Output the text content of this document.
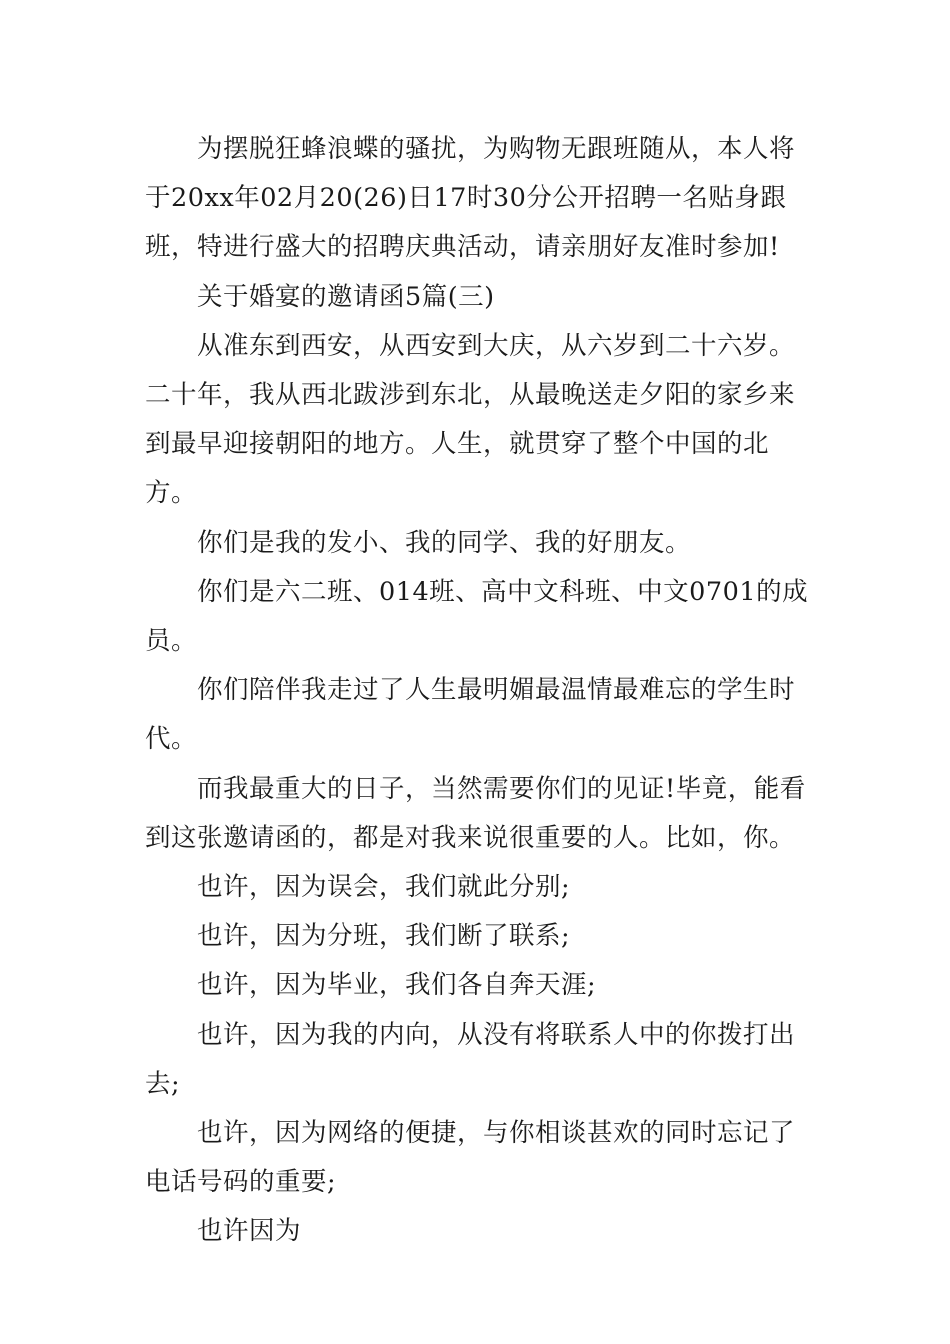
为摆脱狂蜂浪蝶的骚扰，为购物无跟班随从，本人将于20xx年02月20(26)日17时30分公开招聘一名贴身跟班，特进行盛大的招聘庆典活动，请亲朋好友准时参加!

关于婚宴的邀请函5篇(三)

从准东到西安，从西安到大庆，从六岁到二十六岁。二十年，我从西北跋涉到东北，从最晚送走夕阳的家乡来到最早迎接朝阳的地方。人生，就贯穿了整个中国的北方。

你们是我的发小、我的同学、我的好朋友。

你们是六二班、014班、高中文科班、中文0701的成员。

你们陪伴我走过了人生最明媚最温情最难忘的学生时代。

而我最重大的日子，当然需要你们的见证!毕竟，能看到这张邀请函的，都是对我来说很重要的人。比如，你。

也许，因为误会，我们就此分别;

也许，因为分班，我们断了联系;

也许，因为毕业，我们各自奔天涯;

也许，因为我的内向，从没有将联系人中的你拨打出去;

也许，因为网络的便捷，与你相谈甚欢的同时忘记了电话号码的重要;

也许因为
